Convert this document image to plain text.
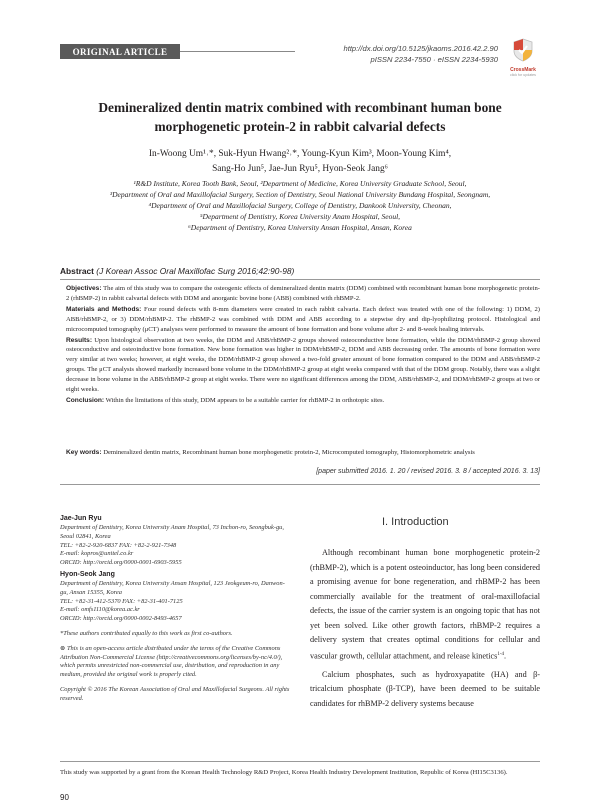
ORIGINAL ARTICLE	http://dx.doi.org/10.5125/jkaoms.2016.42.2.90
pISSN 2234-7550 · eISSN 2234-5930
CrossMark
click for updates
Demineralized dentin matrix combined with recombinant human bone morphogenetic protein-2 in rabbit calvarial defects
In-Woong Um¹˒*, Suk-Hyun Hwang²˒*, Young-Kyun Kim³, Moon-Young Kim⁴,
Sang-Ho Jun⁵, Jae-Jun Ryu⁵, Hyon-Seok Jang⁶
¹R&D Institute, Korea Tooth Bank, Seoul, ²Department of Medicine, Korea University Graduate School, Seoul,
³Department of Oral and Maxillofacial Surgery, Section of Dentistry, Seoul National University Bundang Hospital, Seongnam,
⁴Department of Oral and Maxillofacial Surgery, College of Dentistry, Dankook University, Cheonan,
⁵Department of Dentistry, Korea University Anam Hospital, Seoul,
⁶Department of Dentistry, Korea University Ansan Hospital, Ansan, Korea
Abstract (J Korean Assoc Oral Maxillofac Surg 2016;42:90-98)

Objectives: The aim of this study was to compare the osteogenic effects of demineralized dentin matrix (DDM) combined with recombinant human bone morphogenetic protein-2 (rhBMP-2) in rabbit calvarial defects with DDM and anorganic bovine bone (ABB) combined with rhBMP-2.

Materials and Methods: Four round defects with 8-mm diameters were created in each rabbit calvaria. Each defect was treated with one of the following: 1) DDM, 2) ABB/rhBMP-2, or 3) DDM/rhBMP-2. The rhBMP-2 was combined with DDM and ABB according to a stepwise dry and dip-lyophilizing protocol. Histological and microcomputed tomography (μCT) analyses were performed to measure the amount of bone formation and bone volume after 2- and 8-week healing intervals.

Results: Upon histological observation at two weeks, the DDM and ABB/rhBMP-2 groups showed osteoconductive bone formation, while the DDM/rhBMP-2 group showed osteoconductive and osteoinductive bone formation. New bone formation was higher in DDM/rhBMP-2, DDM and ABB decreasing order. The amounts of bone formation were very similar at two weeks; however, at eight weeks, the DDM/rhBMP-2 group showed a two-fold greater amount of bone formation compared to the DDM and ABB/rhBMP-2 groups. The μCT analysis showed markedly increased bone volume in the DDM/rhBMP-2 group at eight weeks compared with that of the DDM group. Notably, there was a slight decrease in bone volume in the ABB/rhBMP-2 group at eight weeks. There were no significant differences among the DDM, ABB/rhBMP-2, and DDM/rhBMP-2 groups at two or eight weeks.

Conclusion: Within the limitations of this study, DDM appears to be a suitable carrier for rhBMP-2 in orthotopic sites.

Key words: Demineralized dentin matrix, Recombinant human bone morphogenetic protein-2, Microcomputed tomography, Histomorphometric analysis
[paper submitted 2016. 1. 20 / revised 2016. 3. 8 / accepted 2016. 3. 13]
Jae-Jun Ryu
Department of Dentistry, Korea University Anam Hospital, 73 Inchon-ro, Seongbuk-gu, Seoul 02841, Korea
TEL: +82-2-920-6837 FAX: +82-2-921-7348
E-mail: kopros@unitel.co.kr
ORCID: http://orcid.org/0000-0001-6903-5955
Hyon-Seok Jang
Department of Dentistry, Korea University Ansan Hospital, 123 Jeokgeum-ro, Danwon-gu, Ansan 15355, Korea
TEL: +82-31-412-5370 FAX: +82-31-401-7125
E-mail: omfs1110@korea.ac.kr
ORCID: http://orcid.org/0000-0002-8493-4657
*These authors contributed equally to this work as first co-authors.
⊜ This is an open-access article distributed under the terms of the Creative Commons Attribution Non-Commercial License (http://creativecommons.org/licenses/by-nc/4.0/), which permits unrestricted non-commercial use, distribution, and reproduction in any medium, provided the original work is properly cited.
Copyright © 2016 The Korean Association of Oral and Maxillofacial Surgeons. All rights reserved.
I. Introduction

Although recombinant human bone morphogenetic protein-2 (rhBMP-2), which is a potent osteoinductor, has long been considered a promising avenue for bone regeneration, and rhBMP-2 has been commercially available for the treatment of oral-maxillofacial defects, the issue of the carrier system is an ongoing topic that has not yet been solved. Like other growth factors, rhBMP-2 requires a delivery system that creates optimal conditions for cellular and vascular growth, cellular attachment, and release kinetics$^{1-4}$.

Calcium phosphates, such as hydroxyapatite (HA) and β-tricalcium phosphate (β-TCP), have been deemed to be suitable candidates for rhBMP-2 delivery systems because

This study was supported by a grant from the Korean Health Technology R&D Project, Korea Health Industry Development Institution, Republic of Korea (HI15C3136).
90
